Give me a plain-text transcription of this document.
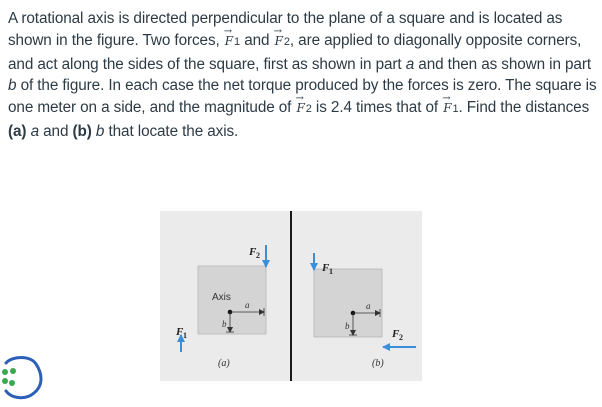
A rotational axis is directed perpendicular to the plane of a square and is located as shown in the figure. Two forces, → F1 and → F2, are applied to diagonally opposite corners, and act along the sides of the square, first as shown in part a and then as shown in part b of the figure. In each case the net torque produced by the forces is zero. The square is one meter on a side, and the magnitude of → F2 is 2.4 times that of → F1. Find the distances (a) a and (b) b that locate the axis.
Axis
a
b
F 2
F 1
(a)
a
b
F 1
F 2
(b)
